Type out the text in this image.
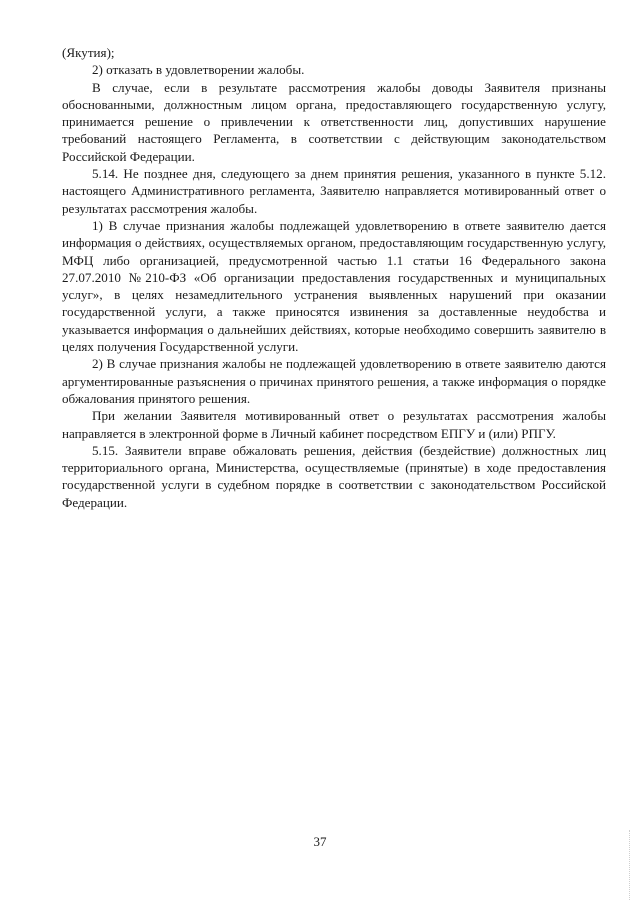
(Якутия);

2) отказать в удовлетворении жалобы.

В случае, если в результате рассмотрения жалобы доводы Заявителя признаны обоснованными, должностным лицом органа, предоставляющего государственную услугу, принимается решение о привлечении к ответственности лиц, допустивших нарушение требований настоящего Регламента, в соответствии с действующим законодательством Российской Федерации.

5.14. Не позднее дня, следующего за днем принятия решения, указанного в пункте 5.12. настоящего Административного регламента, Заявителю направляется мотивированный ответ о результатах рассмотрения жалобы.

1) В случае признания жалобы подлежащей удовлетворению в ответе заявителю дается информация о действиях, осуществляемых органом, предоставляющим государственную услугу, МФЦ либо организацией, предусмотренной частью 1.1 статьи 16 Федерального закона 27.07.2010 №210-ФЗ «Об организации предоставления государственных и муниципальных услуг», в целях незамедлительного устранения выявленных нарушений при оказании государственной услуги, а также приносятся извинения за доставленные неудобства и указывается информация о дальнейших действиях, которые необходимо совершить заявителю в целях получения Государственной услуги.

2) В случае признания жалобы не подлежащей удовлетворению в ответе заявителю даются аргументированные разъяснения о причинах принятого решения, а также информация о порядке обжалования принятого решения.

При желании Заявителя мотивированный ответ о результатах рассмотрения жалобы направляется в электронной форме в Личный кабинет посредством ЕПГУ и (или) РПГУ.

5.15. Заявители вправе обжаловать решения, действия (бездействие) должностных лиц территориального органа, Министерства, осуществляемые (принятые) в ходе предоставления государственной услуги в судебном порядке в соответствии с законодательством Российской Федерации.

37
